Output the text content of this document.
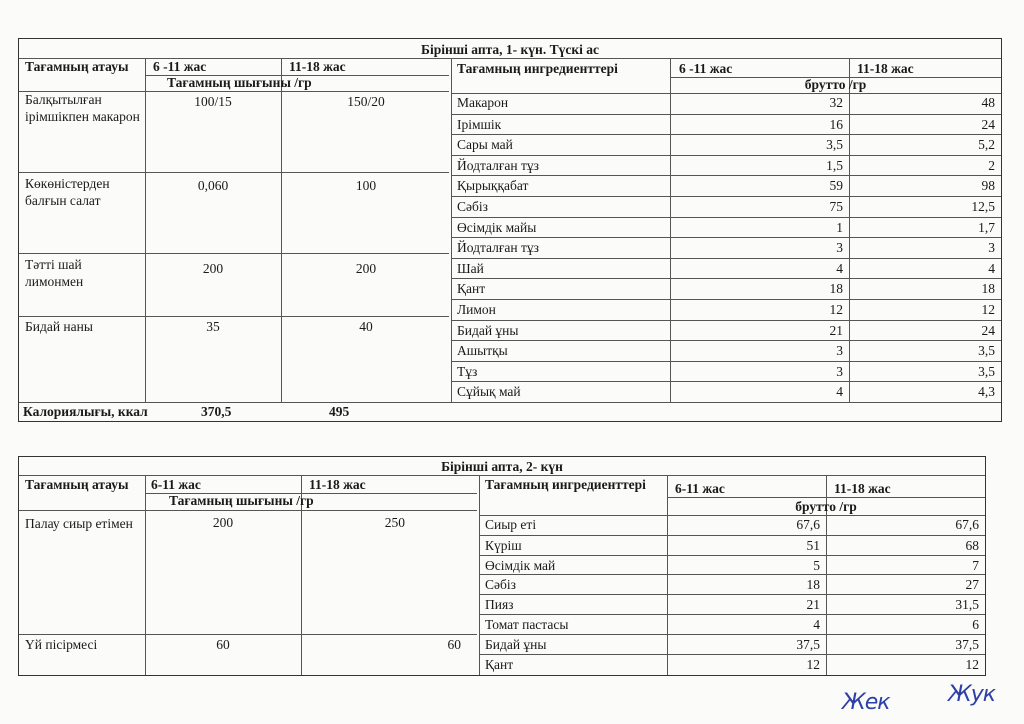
Бірінші апта, 1- күн. Түскі ас
Тағамның атауы	6 -11 жас	11-18 жас
Тағамның шығыны /гр
Тағамның ингредиенттері	6 -11 жас	11-18 жас
брутто /гр
Балқытылған ірімшікпен макарон
100/15	150/20
Көкөністерден балғын салат
0,060	100
Тәтті шай лимонмен
200	200
Бидай наны	35	40
Макарон	32	48
Ірімшік	16	24
Сары май	3,5	5,2
Йодталған тұз	1,5	2
Қырыққабат	59	98
Сәбіз	75	12,5
Өсімдік майы	1	1,7
Йодталған тұз	3	3
Шай	4	4
Қант	18	18
Лимон	12	12
Бидай ұны	21	24
Ашытқы	3	3,5
Тұз	3	3,5
Сұйық май	4	4,3
Калориялығы, ккал	370,5	495
Бірінші апта, 2- күн
Тағамның атауы	6-11 жас	11-18 жас
Тағамның шығыны /гр
Тағамның ингредиенттері	6-11 жас	11-18 жас
брутто /гр
Палау сиыр етімен	200	250
Үй пісірмесі	60	60
Сиыр еті	67,6	67,6
Күріш	51	68
Өсімдік май	5	7
Сәбіз	18	27
Пияз	21	31,5
Томат пастасы	4	6
Бидай ұны	37,5	37,5
Қант	12	12
Жек	Жук
